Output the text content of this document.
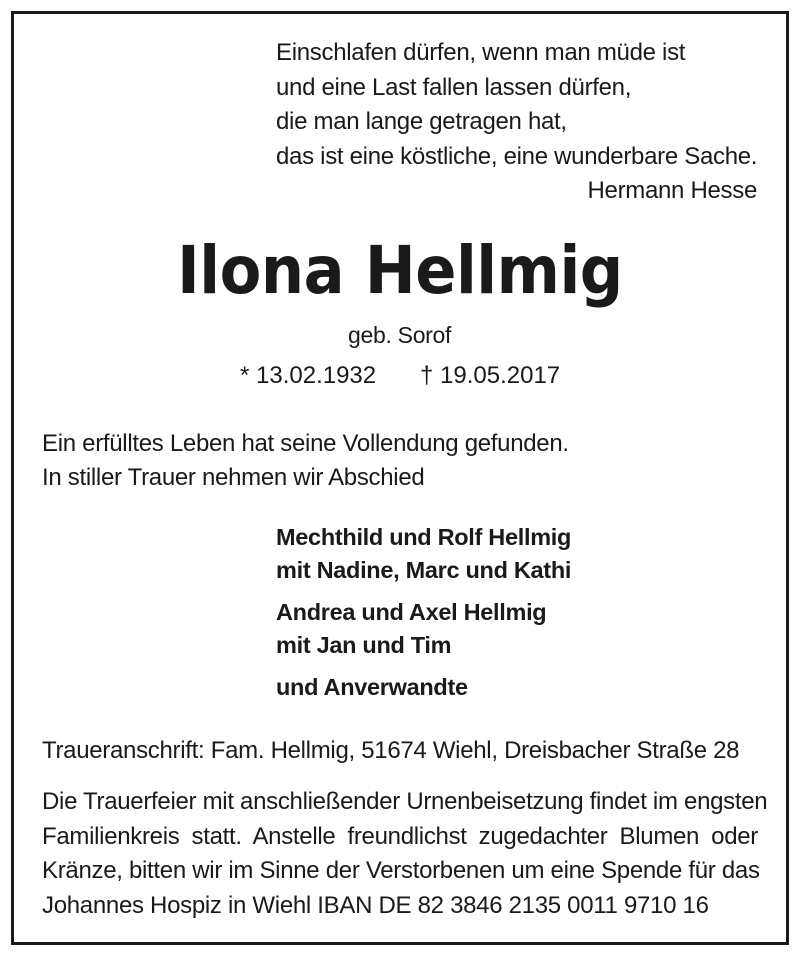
Einschlafen dürfen, wenn man müde ist
und eine Last fallen lassen dürfen,
die man lange getragen hat,
das ist eine köstliche, eine wunderbare Sache.
Hermann Hesse
Ilona Hellmig
geb. Sorof
* 13.02.1932 † 19.05.2017
Ein erfülltes Leben hat seine Vollendung gefunden.
In stiller Trauer nehmen wir Abschied
Mechthild und Rolf Hellmig
mit Nadine, Marc und Kathi
Andrea und Axel Hellmig
mit Jan und Tim
und Anverwandte
Traueranschrift: Fam. Hellmig, 51674 Wiehl, Dreisbacher Straße 28
Die Trauerfeier mit anschließender Urnenbeisetzung findet im engsten
Familienkreis statt. Anstelle freundlichst zugedachter Blumen oder
Kränze, bitten wir im Sinne der Verstorbenen um eine Spende für das
Johannes Hospiz in Wiehl IBAN DE 82 3846 2135 0011 9710 16
